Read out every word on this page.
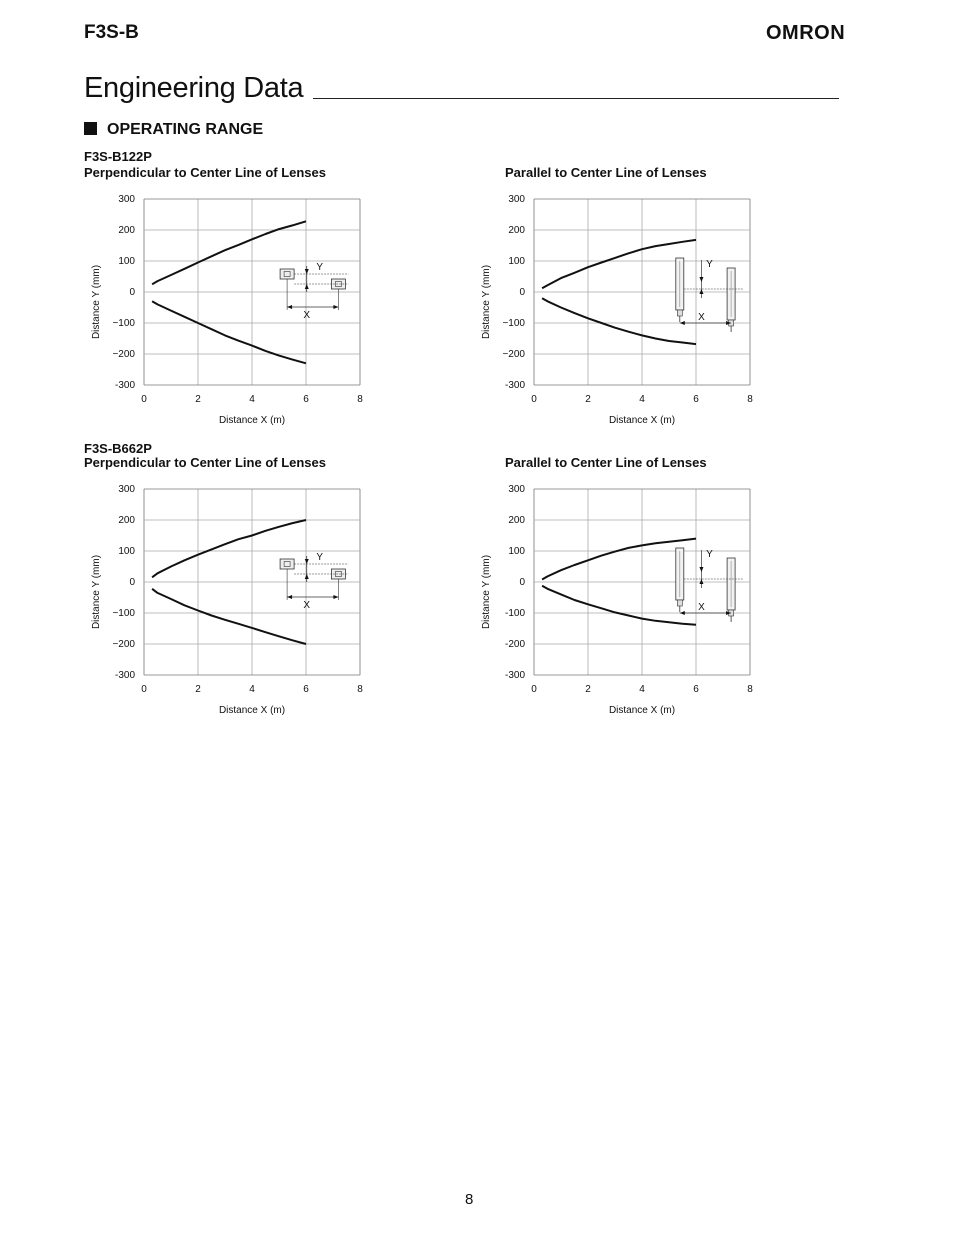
F3S-B	OMRON
Engineering Data
OPERATING RANGE
F3S-B122P
Perpendicular to Center Line of Lenses	Parallel to Center Line of Lenses
F3S-B662P
Perpendicular to Center Line of Lenses	Parallel to Center Line of Lenses
0	2	4	6	8
300
200
100
0
−100
−200
-300
Distance X (m)
Distance Y (mm)	Y
X
0	2	4	6	8
300
200
100
0
−100
−200
-300
Distance X (m)
Distance Y (mm)
Y
X
0	2	4	6	8
300
200
100
0
−100
−200
-300
Distance X (m)
Distance Y (mm)	Y
X
0	2	4	6	8
300
200
100
0
-100
-200
-300
Distance X (m)
Distance Y (mm)
Y
X
8
